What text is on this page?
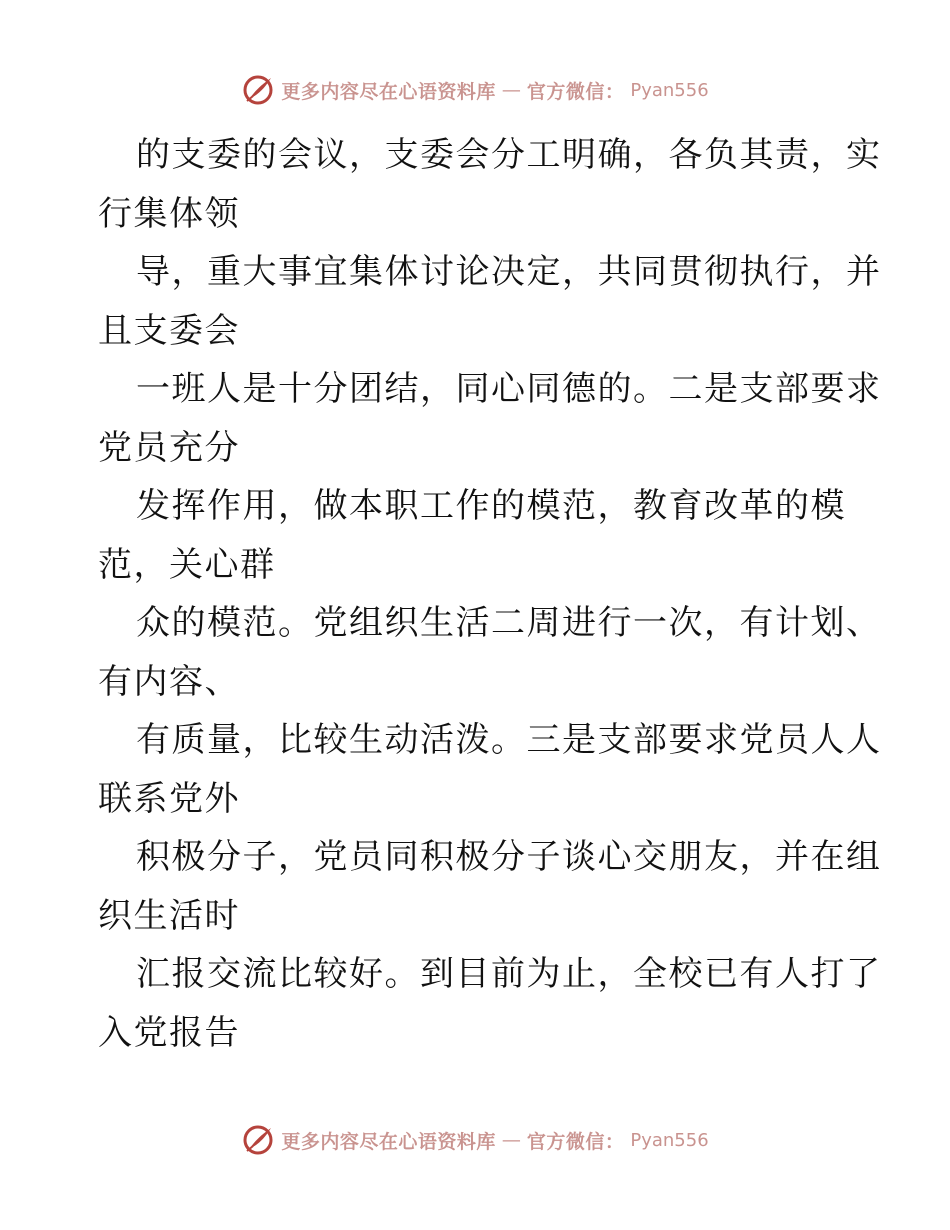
更多内容尽在心语资料库 — 官方微信： Pyan556
的支委的会议，支委会分工明确，各负其责，实
行集体领
导，重大事宜集体讨论决定，共同贯彻执行，并
且支委会
一班人是十分团结，同心同德的。二是支部要求
党员充分
发挥作用，做本职工作的模范，教育改革的模
范，关心群
众的模范。党组织生活二周进行一次，有计划、
有内容、
有质量，比较生动活泼。三是支部要求党员人人
联系党外
积极分子，党员同积极分子谈心交朋友，并在组
织生活时
汇报交流比较好。到目前为止，全校已有人打了
入党报告
更多内容尽在心语资料库 — 官方微信： Pyan556
